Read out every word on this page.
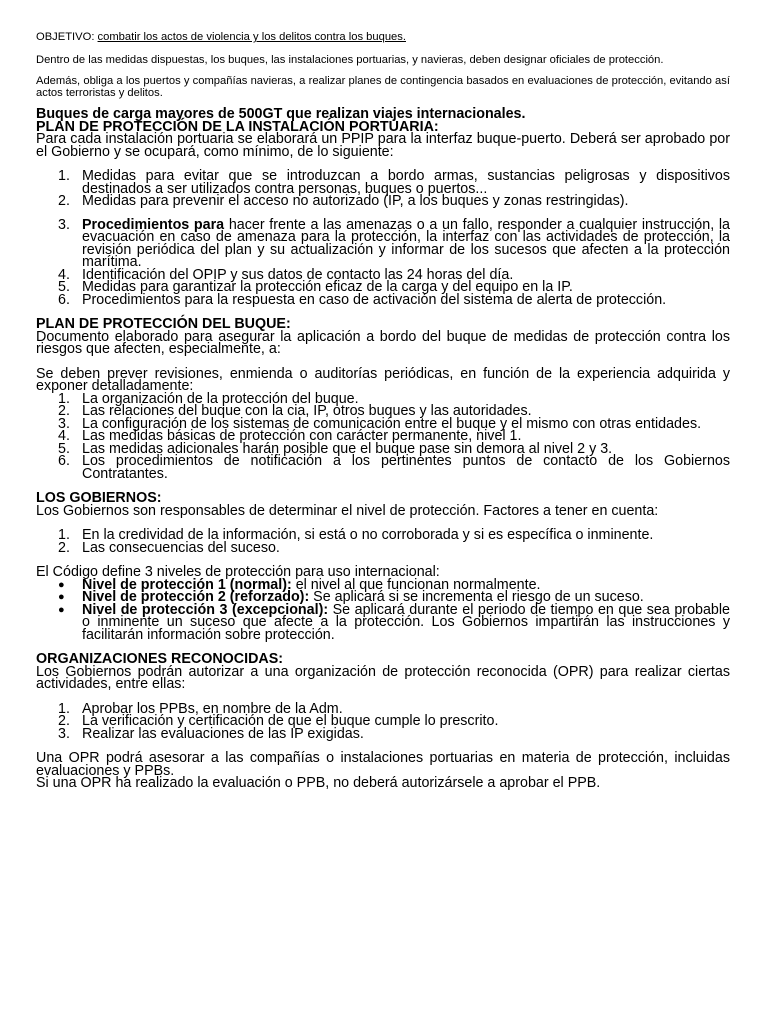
OBJETIVO: combatir los actos de violencia y los delitos contra los buques.

Dentro de las medidas dispuestas, los buques, las instalaciones portuarias, y navieras, deben designar oficiales de protección.

Además, obliga a los puertos y compañías navieras, a realizar planes de contingencia basados en evaluaciones de protección, evitando así actos terroristas y delitos.

Buques de carga mayores de 500GT que realizan viajes internacionales.

PLAN DE PROTECCIÓN DE LA INSTALACIÓN PORTUARIA:
Para cada instalación portuaria se elaborará un PPIP para la interfaz buque-puerto. Deberá ser aprobado por el Gobierno y se ocupará, como mínimo, de lo siguiente:
1. Medidas para evitar que se introduzcan a bordo armas, sustancias peligrosas y dispositivos destinados a ser utilizados contra personas, buques o puertos...
2. Medidas para prevenir el acceso no autorizado (IP, a los buques y zonas restringidas).
3. Procedimientos para hacer frente a las amenazas o a un fallo, responder a cualquier instrucción, la evacuación en caso de amenaza para la protección, la interfaz con las actividades de protección, la revisión periódica del plan y su actualización y informar de los sucesos que afecten a la protección marítima.
4. Identificación del OPIP y sus datos de contacto las 24 horas del día.
5. Medidas para garantizar la protección eficaz de la carga y del equipo en la IP.
6. Procedimientos para la respuesta en caso de activación del sistema de alerta de protección.
PLAN DE PROTECCIÓN DEL BUQUE:
Documento elaborado para asegurar la aplicación a bordo del buque de medidas de protección contra los riesgos que afecten, especialmente, a:

Se deben prever revisiones, enmienda o auditorías periódicas, en función de la experiencia adquirida y exponer detalladamente:

1. La organización de la protección del buque.
2. Las relaciones del buque con la cia, IP, otros buques y las autoridades.
3. La configuración de los sistemas de comunicación entre el buque y el mismo con otras entidades.
4. Las medidas básicas de protección con carácter permanente, nivel 1.
5. Las medidas adicionales harán posible que el buque pase sin demora al nivel 2 y 3.
6. Los procedimientos de notificación a los pertinentes puntos de contacto de los Gobiernos Contratantes.
LOS GOBIERNOS:
Los Gobiernos son responsables de determinar el nivel de protección. Factores a tener en cuenta:
1. En la credividad de la información, si está o no corroborada y si es específica o inminente.
2. Las consecuencias del suceso.

El Código define 3 niveles de protección para uso internacional:

● Nivel de protección 1 (normal): el nivel al que funcionan normalmente.
● Nivel de protección 2 (reforzado): Se aplicará si se incrementa el riesgo de un suceso.
● Nivel de protección 3 (excepcional): Se aplicará durante el periodo de tiempo en que sea probable o inminente un suceso que afecte a la protección. Los Gobiernos impartirán las instrucciones y facilitarán información sobre protección.
ORGANIZACIONES RECONOCIDAS:
Los Gobiernos podrán autorizar a una organización de protección reconocida (OPR) para realizar ciertas actividades, entre ellas:
1. Aprobar los PPBs, en nombre de la Adm.
2. La verificación y certificación de que el buque cumple lo prescrito.
3. Realizar las evaluaciones de las IP exigidas.

Una OPR podrá asesorar a las compañías o instalaciones portuarias en materia de protección, incluidas evaluaciones y PPBs.

Si una OPR ha realizado la evaluación o PPB, no deberá autorizársele a aprobar el PPB.
